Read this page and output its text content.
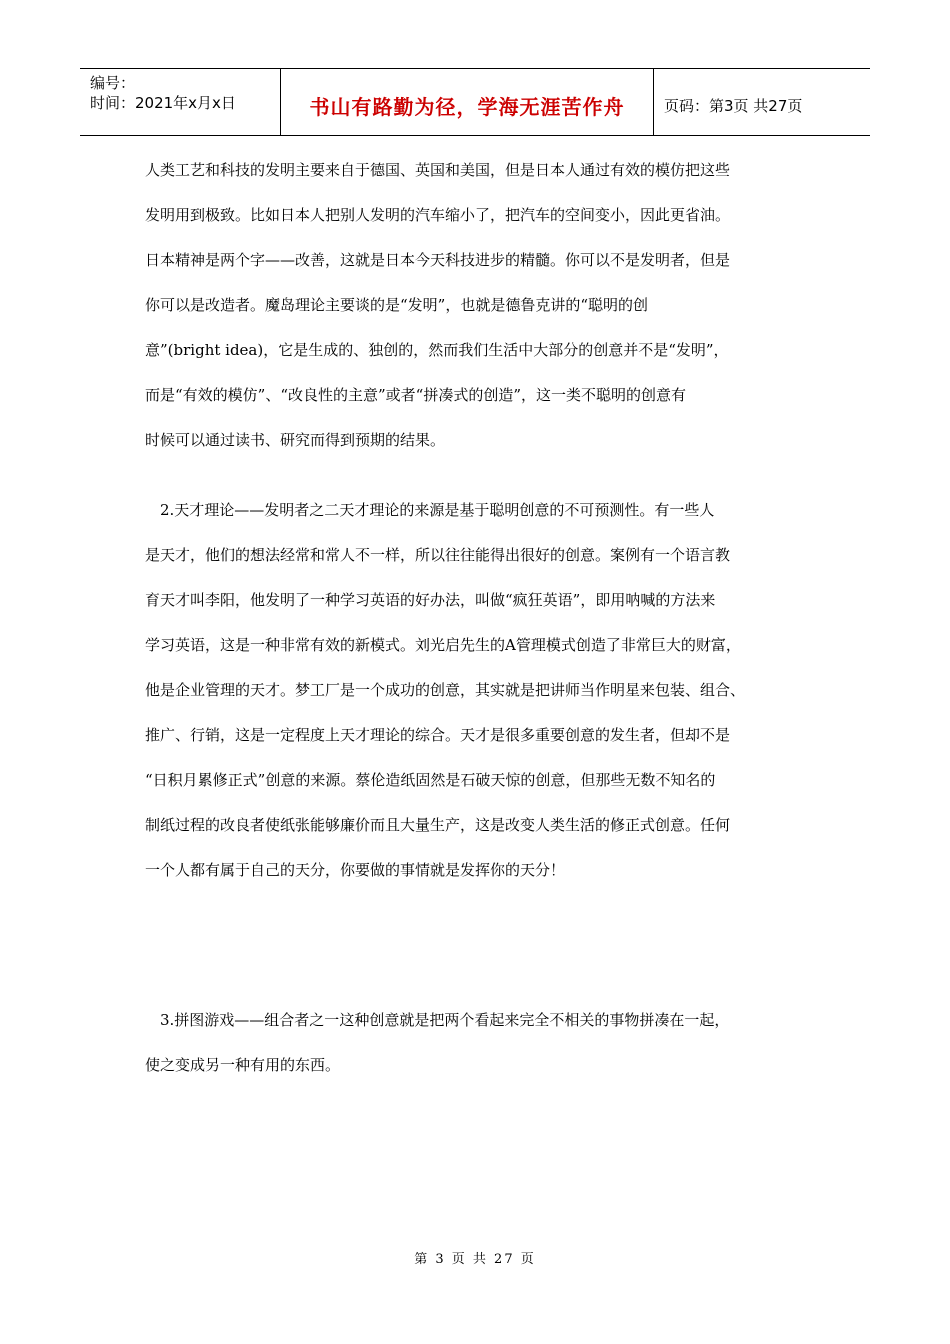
编号：
时间：2021年x月x日	书山有路勤为径，学海无涯苦作舟	页码：第3页 共27页
人类工艺和科技的发明主要来自于德国、英国和美国，但是日本人通过有效的模仿把这些
发明用到极致。比如日本人把别人发明的汽车缩小了，把汽车的空间变小，因此更省油。
日本精神是两个字——改善，这就是日本今天科技进步的精髓。你可以不是发明者，但是
你可以是改造者。魔岛理论主要谈的是“发明”，也就是德鲁克讲的“聪明的创
意”(bright idea)，它是生成的、独创的，然而我们生活中大部分的创意并不是“发明”，
而是“有效的模仿”、“改良性的主意”或者“拼凑式的创造”，这一类不聪明的创意有
时候可以通过读书、研究而得到预期的结果。
　2.天才理论——发明者之二天才理论的来源是基于聪明创意的不可预测性。有一些人
是天才，他们的想法经常和常人不一样，所以往往能得出很好的创意。案例有一个语言教
育天才叫李阳，他发明了一种学习英语的好办法，叫做“疯狂英语”，即用呐喊的方法来
学习英语，这是一种非常有效的新模式。刘光启先生的A管理模式创造了非常巨大的财富，
他是企业管理的天才。梦工厂是一个成功的创意，其实就是把讲师当作明星来包装、组合、
推广、行销，这是一定程度上天才理论的综合。天才是很多重要创意的发生者，但却不是
“日积月累修正式”创意的来源。蔡伦造纸固然是石破天惊的创意，但那些无数不知名的
制纸过程的改良者使纸张能够廉价而且大量生产，这是改变人类生活的修正式创意。任何
一个人都有属于自己的天分，你要做的事情就是发挥你的天分！
　3.拼图游戏——组合者之一这种创意就是把两个看起来完全不相关的事物拼凑在一起，
使之变成另一种有用的东西。
第 3 页 共 27 页
